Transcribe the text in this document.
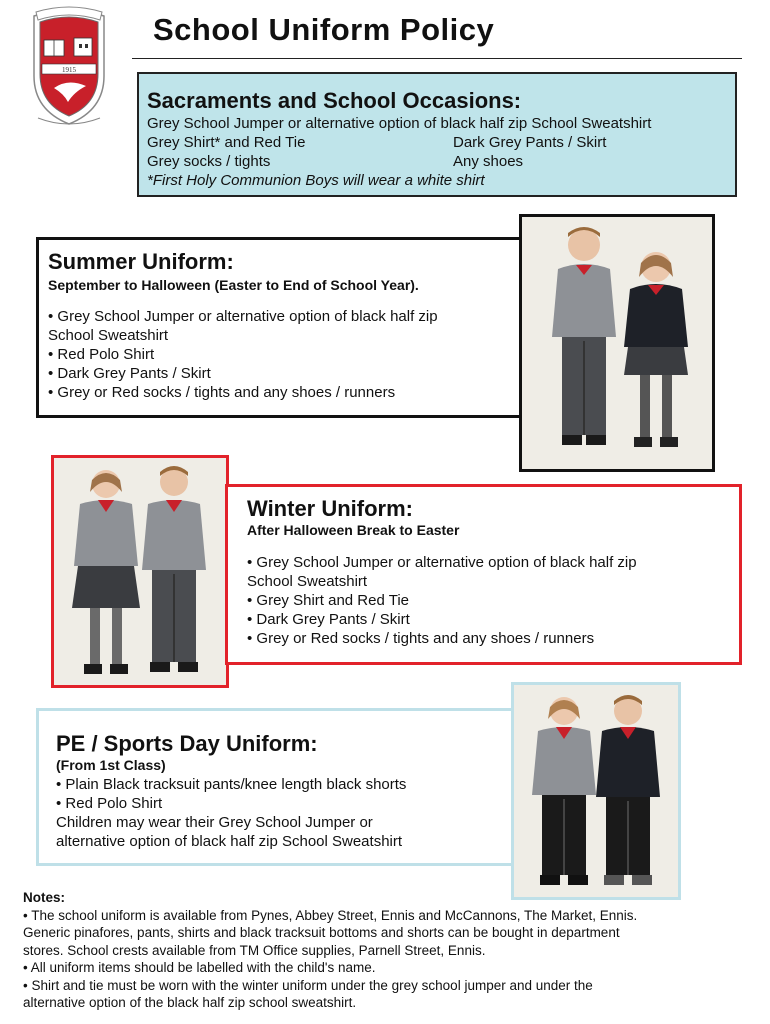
1915
School Uniform Policy
Sacraments and School Occasions:
Grey School Jumper or alternative option of black half zip School Sweatshirt
Grey Shirt* and Red Tie	Dark Grey Pants / Skirt
Grey socks / tights	Any shoes
*First Holy Communion Boys will wear a white shirt
Summer Uniform:
September to Halloween (Easter to End of School Year).
• Grey School Jumper or alternative option of black half zip
School Sweatshirt
• Red Polo Shirt
• Dark Grey Pants / Skirt
• Grey or Red socks / tights and any shoes / runners
Winter Uniform:
After Halloween Break to Easter
• Grey School Jumper or alternative option of black half zip
School Sweatshirt
• Grey Shirt and Red Tie
• Dark Grey Pants / Skirt
• Grey or Red socks / tights and any shoes / runners
PE / Sports Day Uniform:
(From 1st Class)
• Plain Black tracksuit pants/knee length black shorts
• Red Polo Shirt
Children may wear their Grey School Jumper or
alternative option of black half zip School Sweatshirt
Notes:
• The school uniform is available from Pynes, Abbey Street, Ennis and McCannons, The Market, Ennis.
Generic pinafores, pants, shirts and black tracksuit bottoms and shorts can be bought in department
stores. School crests available from TM Office supplies, Parnell Street, Ennis.
• All uniform items should be labelled with the child's name.
• Shirt and tie must be worn with the winter uniform under the grey school jumper and under the
alternative option of the black half zip school sweatshirt.
